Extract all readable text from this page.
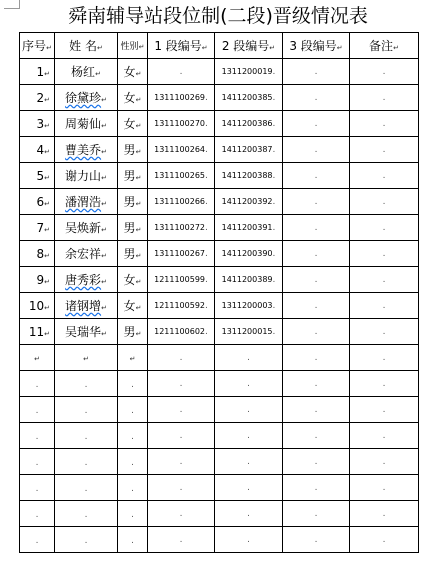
舜南辅导站段位制(二段)晋级情况表
序号↵	姓 名↵	性别↵	1 段编号↵	2 段编号↵	3 段编号↵	备注↵
1↵	杨红↵	女↵	.	1311200019.	.	.
2↵	徐黛珍↵	女↵	1311100269.	1411200385.	.	.
3↵	周菊仙↵	女↵	1311100270.	1411200386.	.	.
4↵	曹美乔↵	男↵	1311100264.	1411200387.	.	.
5↵	谢力山↵	男↵	1311100265.	1411200388.	.	.
6↵	潘渭浩↵	男↵	1311100266.	1411200392.	.	.
7↵	吴焕新↵	男↵	1311100272.	1411200391.	.	.
8↵	余宏祥↵	男↵	1311100267.	1411200390.	.	.
9↵	唐秀彩↵	女↵	1211100599.	1411200389.	.	.
10↵	诸钢增↵	女↵	1211100592.	1311200003.	.	.
11↵	吴瑞华↵	男↵	1211100602.	1311200015.	.	.
↵	↵	↵	.	.	.	.
.	.	.	.	.	.	.
.	.	.	.	.	.	.
.	.	.	.	.	.	.
.	.	.	.	.	.	.
.	.	.	.	.	.	.
.	.	.	.	.	.	.
.	.	.	.	.	.	.
